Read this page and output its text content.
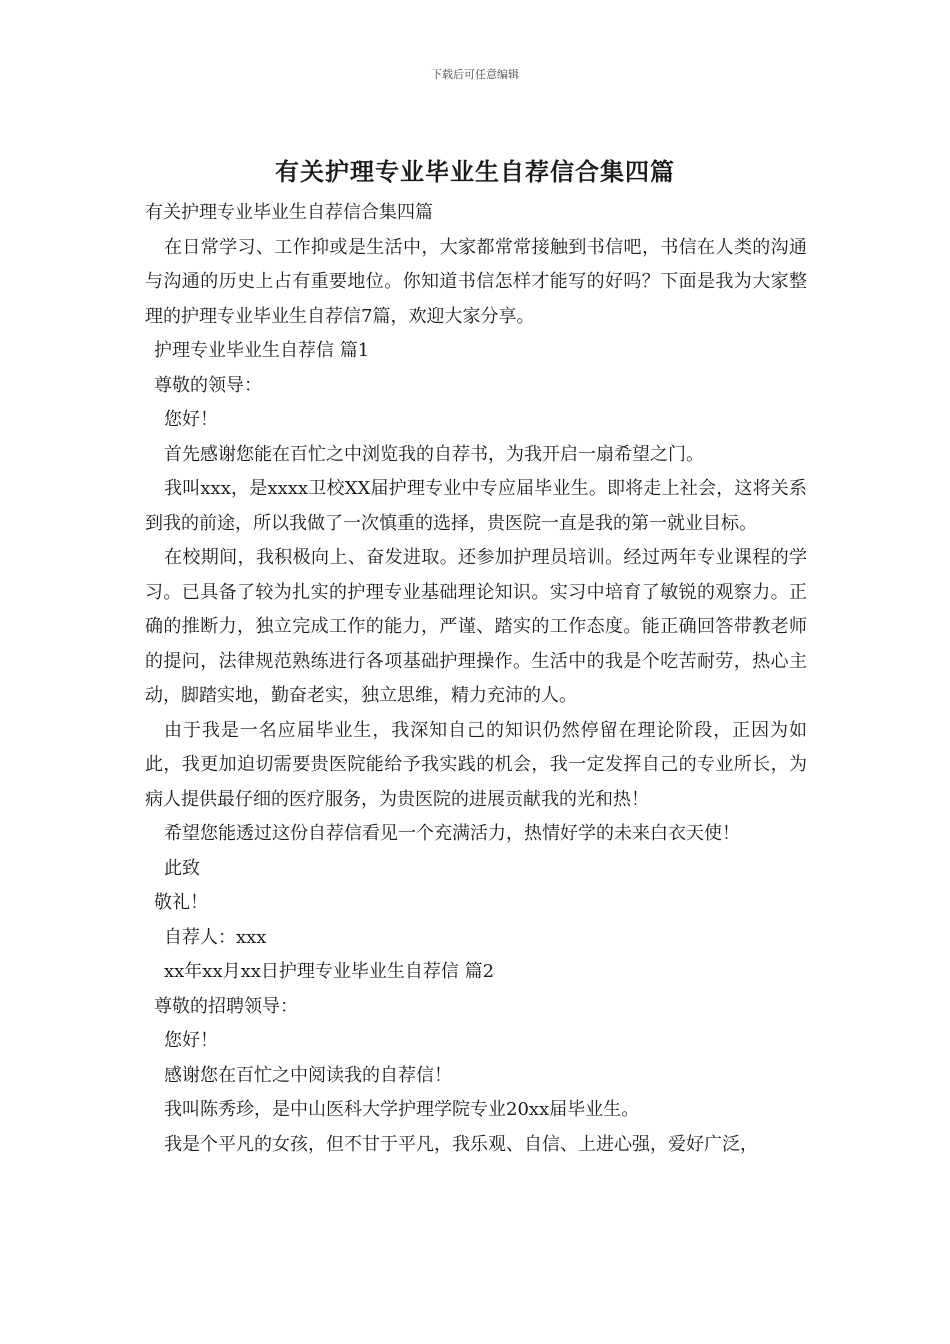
下载后可任意编辑
有关护理专业毕业生自荐信合集四篇

有关护理专业毕业生自荐信合集四篇

在日常学习、工作抑或是生活中，大家都常常接触到书信吧，书信在人类的沟通与沟通的历史上占有重要地位。你知道书信怎样才能写的好吗？下面是我为大家整理的护理专业毕业生自荐信7篇，欢迎大家分享。

护理专业毕业生自荐信 篇1

尊敬的领导：

您好！

首先感谢您能在百忙之中浏览我的自荐书，为我开启一扇希望之门。

我叫xxx，是xxxx卫校XX届护理专业中专应届毕业生。即将走上社会，这将关系到我的前途，所以我做了一次慎重的选择，贵医院一直是我的第一就业目标。

在校期间，我积极向上、奋发进取。还参加护理员培训。经过两年专业课程的学习。已具备了较为扎实的护理专业基础理论知识。实习中培育了敏锐的观察力。正确的推断力，独立完成工作的能力，严谨、踏实的工作态度。能正确回答带教老师的提问，法律规范熟练进行各项基础护理操作。生活中的我是个吃苦耐劳，热心主动，脚踏实地，勤奋老实，独立思维，精力充沛的人。

由于我是一名应届毕业生，我深知自己的知识仍然停留在理论阶段，正因为如此，我更加迫切需要贵医院能给予我实践的机会，我一定发挥自己的专业所长，为病人提供最仔细的医疗服务，为贵医院的进展贡献我的光和热！

希望您能透过这份自荐信看见一个充满活力，热情好学的未来白衣天使！

此致

敬礼！

自荐人：xxx

xx年xx月xx日护理专业毕业生自荐信 篇2

尊敬的招聘领导：

您好！

感谢您在百忙之中阅读我的自荐信！

我叫陈秀珍，是中山医科大学护理学院专业20xx届毕业生。

我是个平凡的女孩，但不甘于平凡，我乐观、自信、上进心强，爱好广泛，
